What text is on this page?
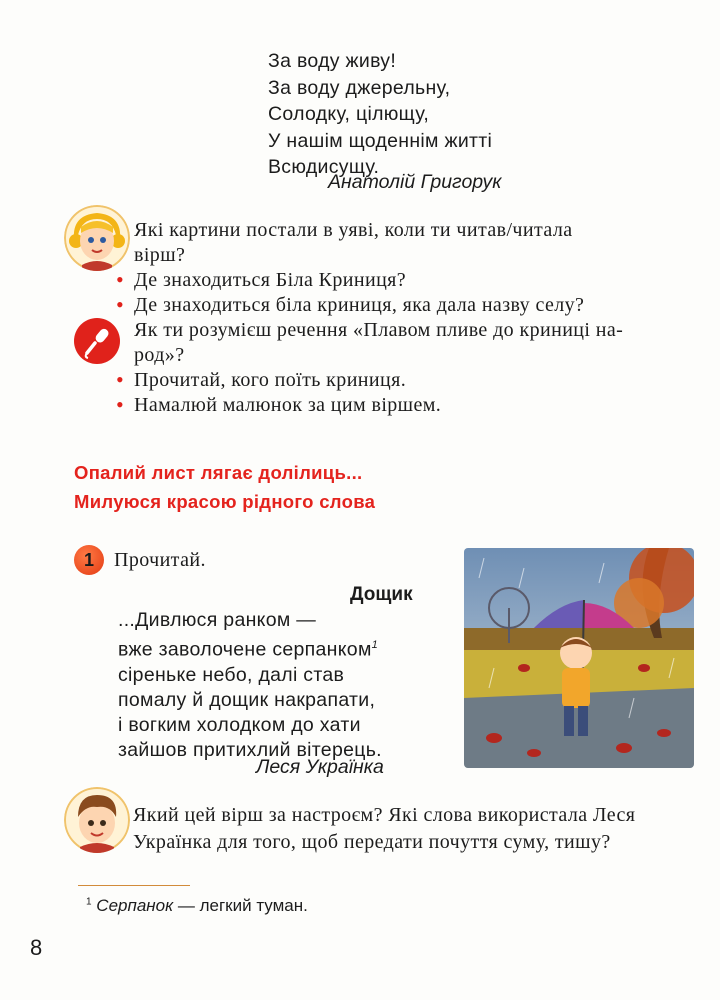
За воду живу!
За воду джерельну,
Солодку, цілющу,
У нашім щоденнім житті
Всюдисущу.
Анатолій Григорук

Які картини постали в уяві, коли ти читав/читала

вірш?

• Де знаходиться Біла Криниця?

• Де знаходиться біла криниця, яка дала назву селу?

Як ти розумієш речення «Плавом пливе до криниці на-

род»?

• Прочитай, кого поїть криниця.

• Намалюй малюнок за цим віршем.

Опалий лист лягає долілиць...
Милуюся красою рідного слова
1	Прочитай.
Дощик
...Дивлюся ранком —
вже заволочене серпанком$^1$
сіреньке небо, далі став
помалу й дощик накрапати,
і вогким холодком до хати
зайшов притихлий вітерець.
Леся Українка
Який цей вірш за настроєм? Які слова використала Леся Українка для того, щоб передати почуття суму, тишу?
$^1$ Серпанок — легкий туман.
8
